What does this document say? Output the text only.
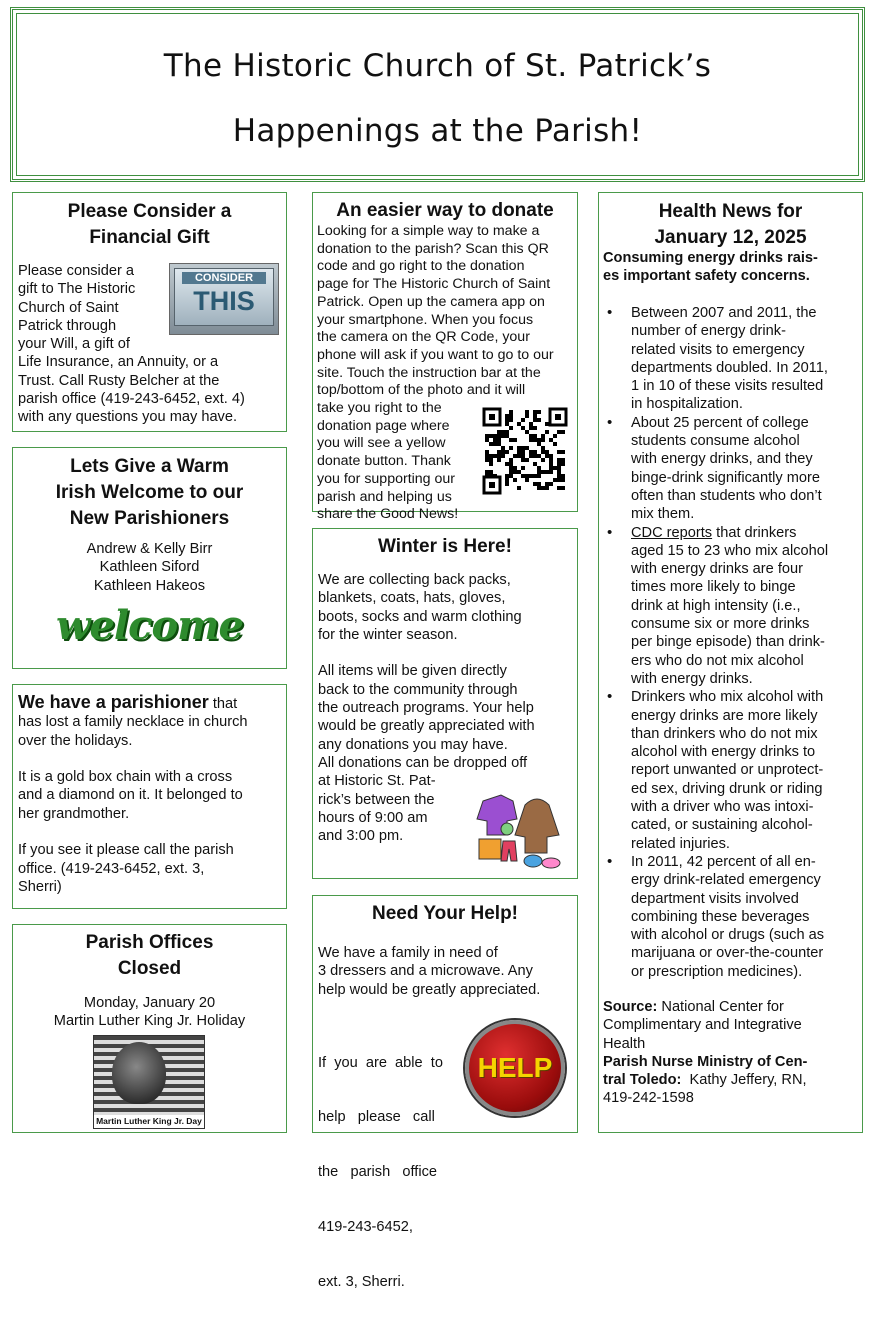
The Historic Church of St. Patrick’s
Happenings at the Parish!
Please Consider a
Financial Gift
CONSIDER
THIS
Please consider a
gift to The Historic
Church of Saint
Patrick through
your Will, a gift of
Life Insurance, an Annuity, or a
Trust. Call Rusty Belcher at the
parish office (419-243-6452, ext. 4)
with any questions you may have.
Lets Give a Warm
Irish Welcome to our
New Parishioners
Andrew & Kelly Birr
Kathleen Siford
Kathleen Hakeos
welcome
We have a parishioner that
has lost a family necklace in church
over the holidays.
It is a gold box chain with a cross
and a diamond on it. It belonged to
her grandmother.
If you see it please call the parish
office. (419-243-6452, ext. 3,
Sherri)
Parish Offices
Closed
Monday, January 20
Martin Luther King Jr. Holiday
Martin Luther King Jr. Day
An easier way to donate
Looking for a simple way to make a
donation to the parish? Scan this QR
code and go right to the donation
page for The Historic Church of Saint
Patrick. Open up the camera app on
your smartphone. When you focus
the camera on the QR Code, your
phone will ask if you want to go to our
site. Touch the instruction bar at the
top/bottom of the photo and it will
take you right to the
donation page where
you will see a yellow
donate button. Thank
you for supporting our
parish and helping us
share the Good News!
Winter is Here!
We are collecting back packs,
blankets, coats, hats, gloves,
boots, socks and warm clothing
for the winter season.
All items will be given directly
back to the community through
the outreach programs. Your help
would be greatly appreciated with
any donations you may have.
All donations can be dropped off
at Historic St. Pat-
rick’s between the
hours of 9:00 am
and 3:00 pm.
Need Your Help!
We have a family in need of
3 dressers and a microwave. Any
help would be greatly appreciated.

If  you  are  able  to

help   please   call

the   parish   office

419-243-6452,

ext. 3, Sherri.

HELP
Health News for
January 12, 2025
Consuming energy drinks rais-
es important safety concerns.
• Between 2007 and 2011, the
number of energy drink-
related visits to emergency
departments doubled. In 2011,
1 in 10 of these visits resulted
in hospitalization.
• About 25 percent of college
students consume alcohol
with energy drinks, and they
binge-drink significantly more
often than students who don’t
mix them.
• CDC reports that drinkers
aged 15 to 23 who mix alcohol
with energy drinks are four
times more likely to binge
drink at high intensity (i.e.,
consume six or more drinks
per binge episode) than drink-
ers who do not mix alcohol
with energy drinks.
• Drinkers who mix alcohol with
energy drinks are more likely
than drinkers who do not mix
alcohol with energy drinks to
report unwanted or unprotect-
ed sex, driving drunk or riding
with a driver who was intoxi-
cated, or sustaining alcohol-
related injuries.
• In 2011, 42 percent of all en-
ergy drink-related emergency
department visits involved
combining these beverages
with alcohol or drugs (such as
marijuana or over-the-counter
or prescription medicines).
Source: National Center for
Complimentary and Integrative
Health
Parish Nurse Ministry of Cen-
tral Toledo:  Kathy Jeffery, RN,
419-242-1598
